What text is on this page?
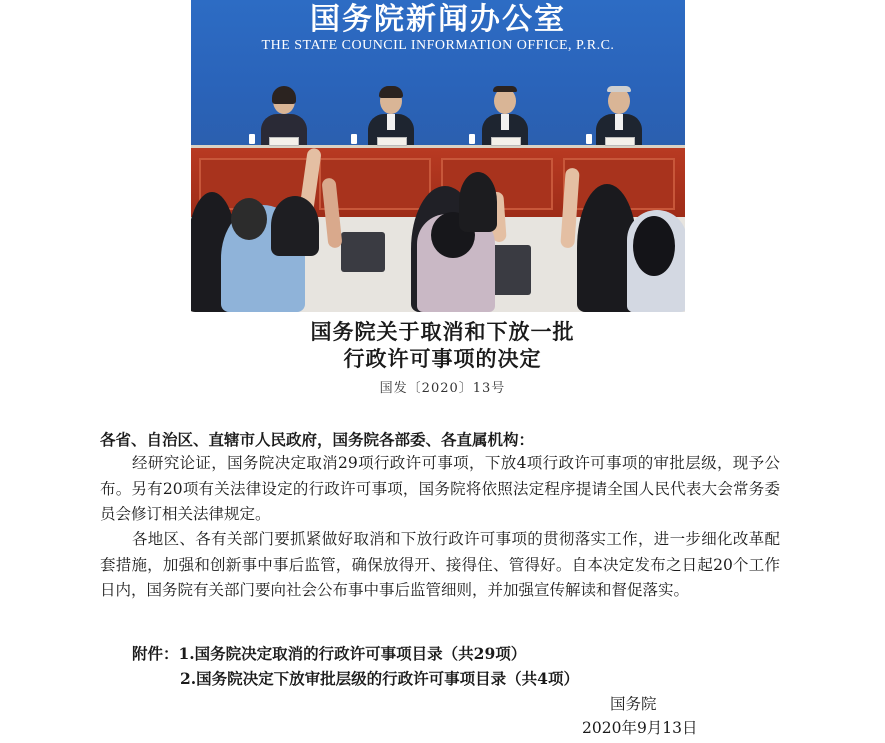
国务院新闻办公室
THE STATE COUNCIL INFORMATION OFFICE, P.R.C.
国务院关于取消和下放一批
行政许可事项的决定
国发〔2020〕13号
各省、自治区、直辖市人民政府，国务院各部委、各直属机构：
经研究论证，国务院决定取消29项行政许可事项，下放4项行政许可事项的审批层级，现予公布。另有20项有关法律设定的行政许可事项，国务院将依照法定程序提请全国人民代表大会常务委员会修订相关法律规定。
各地区、各有关部门要抓紧做好取消和下放行政许可事项的贯彻落实工作，进一步细化改革配套措施，加强和创新事中事后监管，确保放得开、接得住、管得好。自本决定发布之日起20个工作日内，国务院有关部门要向社会公布事中事后监管细则，并加强宣传解读和督促落实。
附件：1.国务院决定取消的行政许可事项目录（共29项）
2.国务院决定下放审批层级的行政许可事项目录（共4项）
国务院
2020年9月13日
